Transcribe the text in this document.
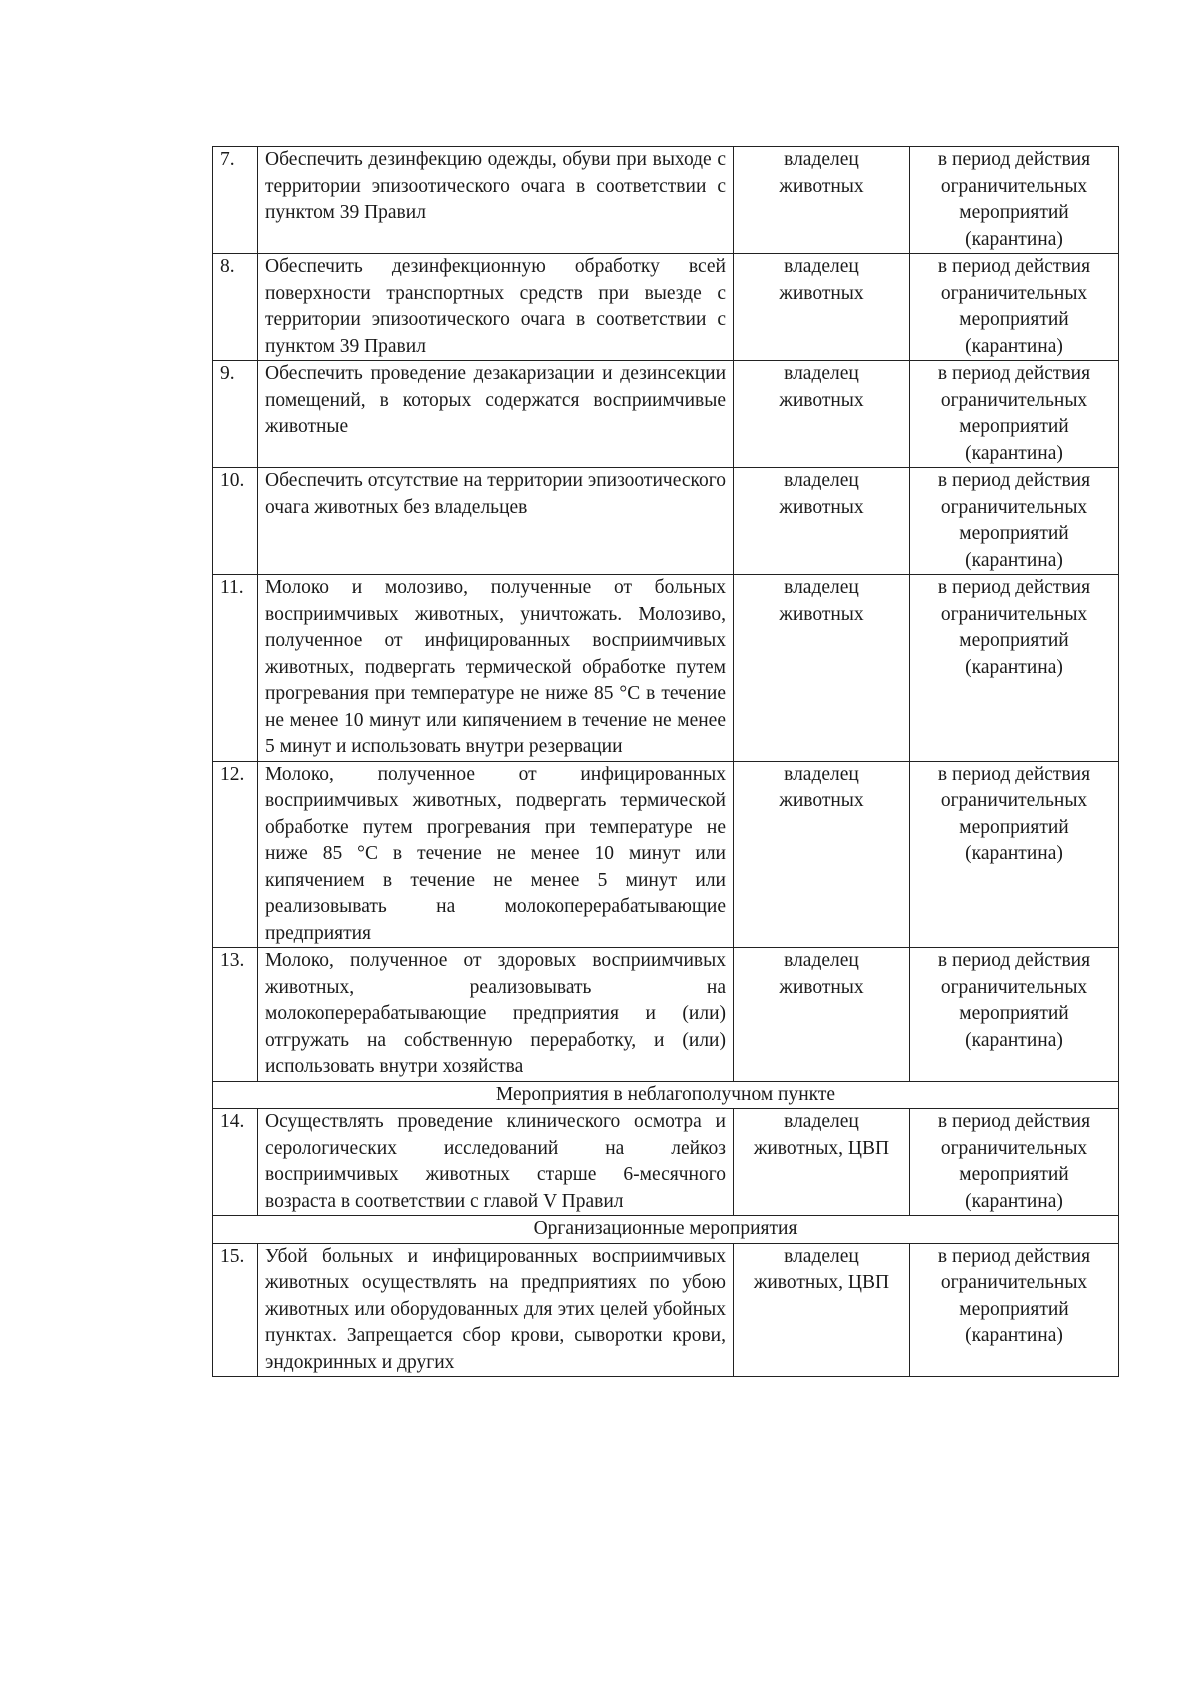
7.	Обеспечить дезинфекцию одежды, обуви при выходе с территории эпизоотического очага в соответствии с пунктом 39 Правил	владелец животных	в период действия ограничительных мероприятий (карантина)
8.	Обеспечить дезинфекционную обработку всей поверхности транспортных средств при выезде с территории эпизоотического очага в соответствии с пунктом 39 Правил	владелец животных	в период действия ограничительных мероприятий (карантина)
9.	Обеспечить проведение дезакаризации и дезинсекции помещений, в которых содержатся восприимчивые животные	владелец животных	в период действия ограничительных мероприятий (карантина)
10.	Обеспечить отсутствие на территории эпизоотического очага животных без владельцев	владелец животных	в период действия ограничительных мероприятий (карантина)
11.	Молоко и молозиво, полученные от больных восприимчивых животных, уничтожать. Молозиво, полученное от инфицированных восприимчивых животных, подвергать термической обработке путем прогревания при температуре не ниже 85 °С в течение не менее 10 минут или кипячением в течение не менее 5 минут и использовать внутри резервации	владелец животных	в период действия ограничительных мероприятий (карантина)
12.	Молоко, полученное от инфицированных восприимчивых животных, подвергать термической обработке путем прогревания при температуре не ниже 85 °С в течение не менее 10 минут или кипячением в течение не менее 5 минут или реализовывать на молокоперерабатывающие предприятия	владелец животных	в период действия ограничительных мероприятий (карантина)
13.	Молоко, полученное от здоровых восприимчивых животных, реализовывать на молокоперерабатывающие предприятия и (или) отгружать на собственную переработку, и (или) использовать внутри хозяйства	владелец животных	в период действия ограничительных мероприятий (карантина)
Мероприятия в неблагополучном пункте			
14.	Осуществлять проведение клинического осмотра и серологических исследований на лейкоз восприимчивых животных старше 6-месячного возраста в соответствии с главой V Правил	владелец животных, ЦВП	в период действия ограничительных мероприятий (карантина)
Организационные мероприятия			
15.	Убой больных и инфицированных восприимчивых животных осуществлять на предприятиях по убою животных или оборудованных для этих целей убойных пунктах. Запрещается сбор крови, сыворотки крови, эндокринных и других	владелец животных, ЦВП	в период действия ограничительных мероприятий (карантина)
